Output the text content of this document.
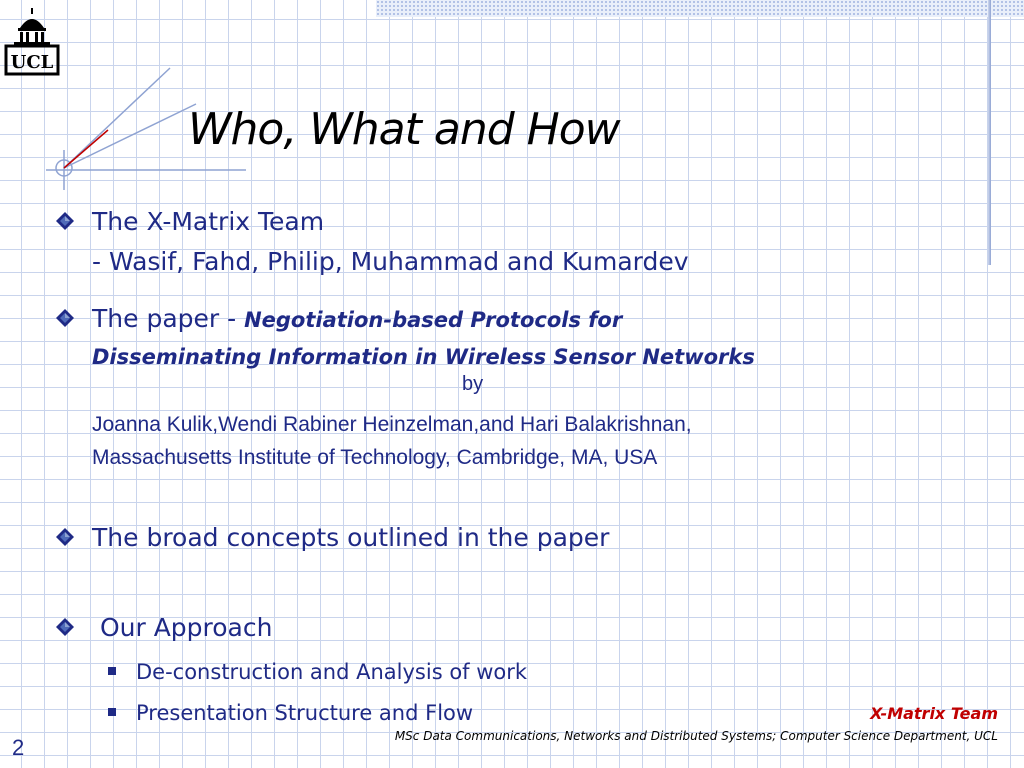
UCL
Who, What and How
The X-Matrix Team
- Wasif, Fahd, Philip, Muhammad and Kumardev
The paper - Negotiation-based Protocols for
Disseminating Information in Wireless Sensor Networks
by
Joanna Kulik,Wendi Rabiner Heinzelman,and Hari Balakrishnan,
Massachusetts Institute of Technology, Cambridge, MA, USA
The broad concepts outlined in the paper
Our Approach
De-construction and Analysis of work
Presentation Structure and Flow	X-Matrix Team
MSc Data Communications, Networks and Distributed Systems; Computer Science Department, UCL
2
